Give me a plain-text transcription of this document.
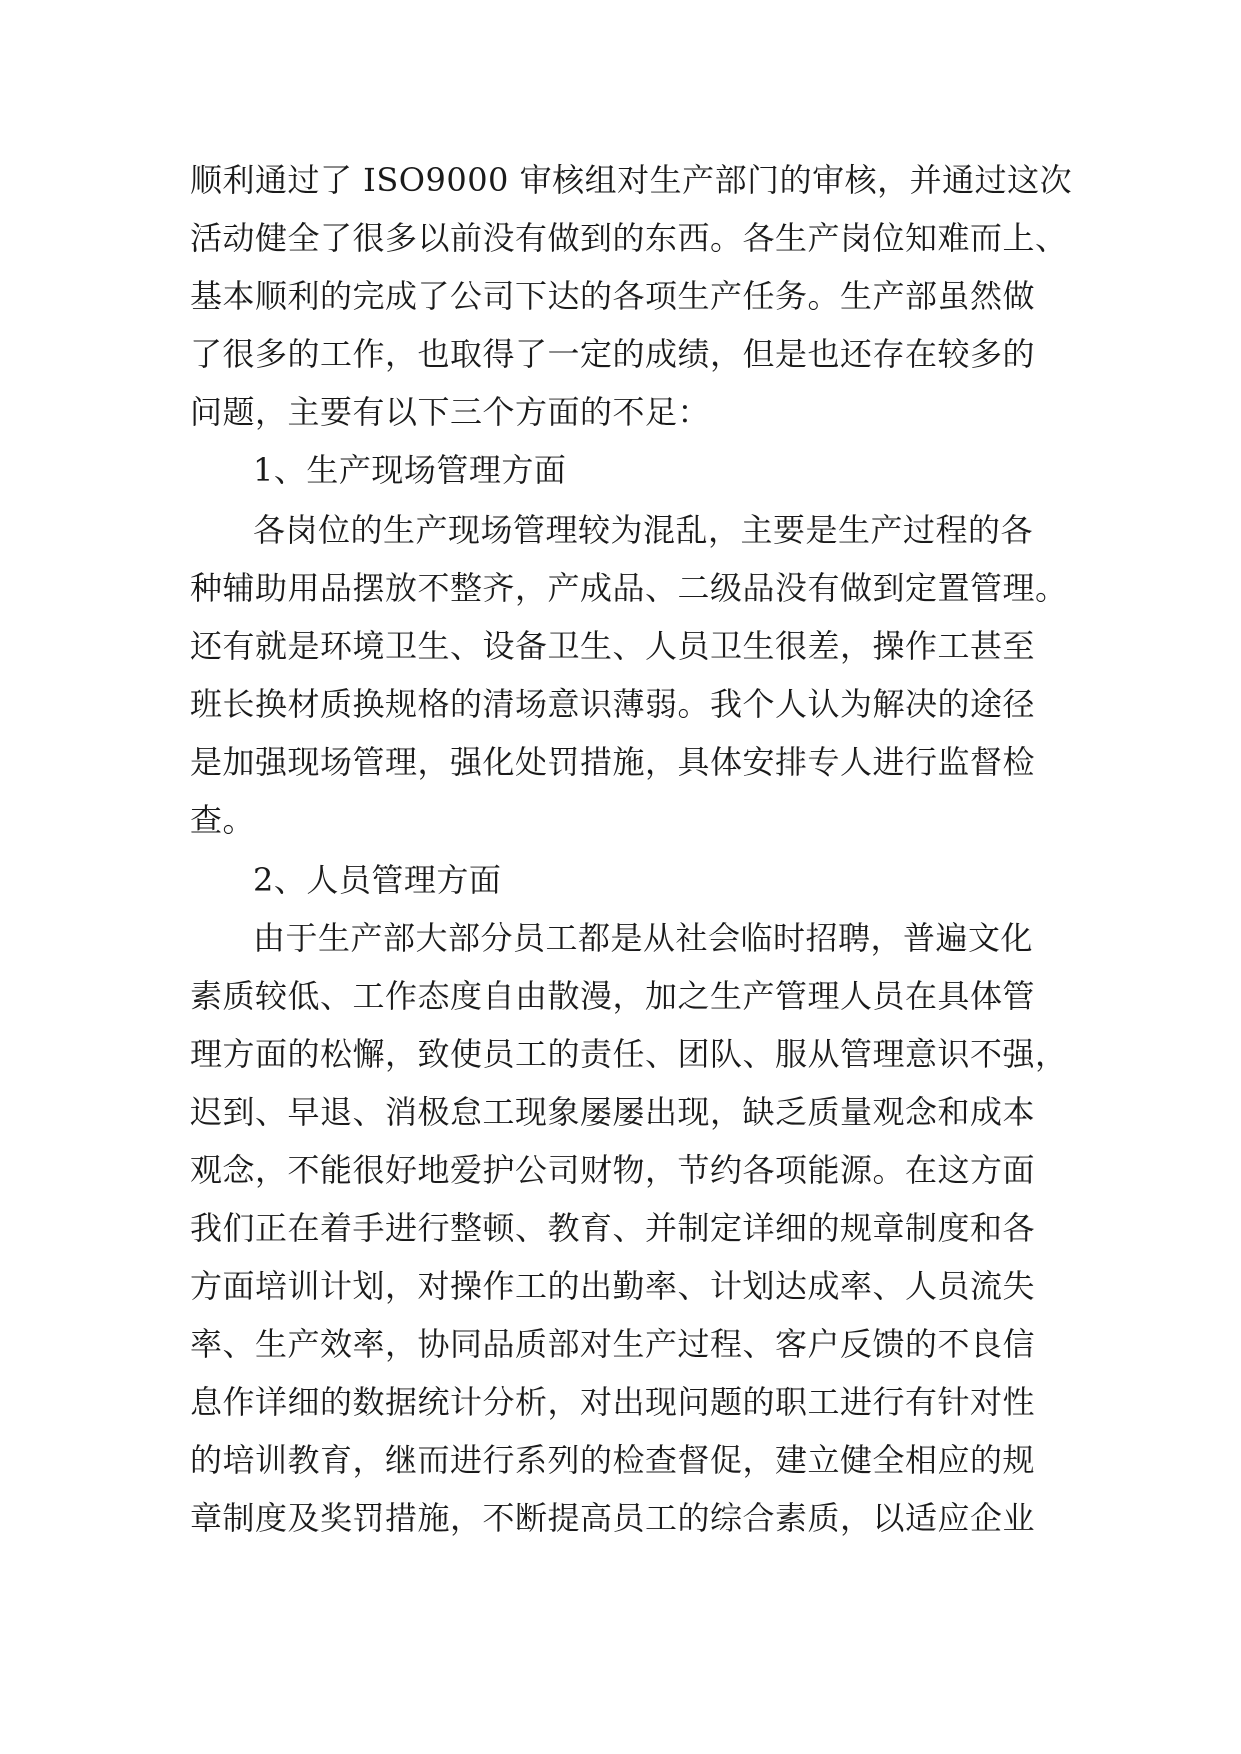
顺利通过了 ISO9000 审核组对生产部门的审核，并通过这次
活动健全了很多以前没有做到的东西。各生产岗位知难而上、
基本顺利的完成了公司下达的各项生产任务。生产部虽然做
了很多的工作，也取得了一定的成绩，但是也还存在较多的
问题，主要有以下三个方面的不足：
1、生产现场管理方面
各岗位的生产现场管理较为混乱，主要是生产过程的各
种辅助用品摆放不整齐，产成品、二级品没有做到定置管理。
还有就是环境卫生、设备卫生、人员卫生很差，操作工甚至
班长换材质换规格的清场意识薄弱。我个人认为解决的途径
是加强现场管理，强化处罚措施，具体安排专人进行监督检
查。
2、人员管理方面
由于生产部大部分员工都是从社会临时招聘，普遍文化
素质较低、工作态度自由散漫，加之生产管理人员在具体管
理方面的松懈，致使员工的责任、团队、服从管理意识不强，
迟到、早退、消极怠工现象屡屡出现，缺乏质量观念和成本
观念，不能很好地爱护公司财物，节约各项能源。在这方面
我们正在着手进行整顿、教育、并制定详细的规章制度和各
方面培训计划，对操作工的出勤率、计划达成率、人员流失
率、生产效率，协同品质部对生产过程、客户反馈的不良信
息作详细的数据统计分析，对出现问题的职工进行有针对性
的培训教育，继而进行系列的检查督促，建立健全相应的规
章制度及奖罚措施，不断提高员工的综合素质，以适应企业
